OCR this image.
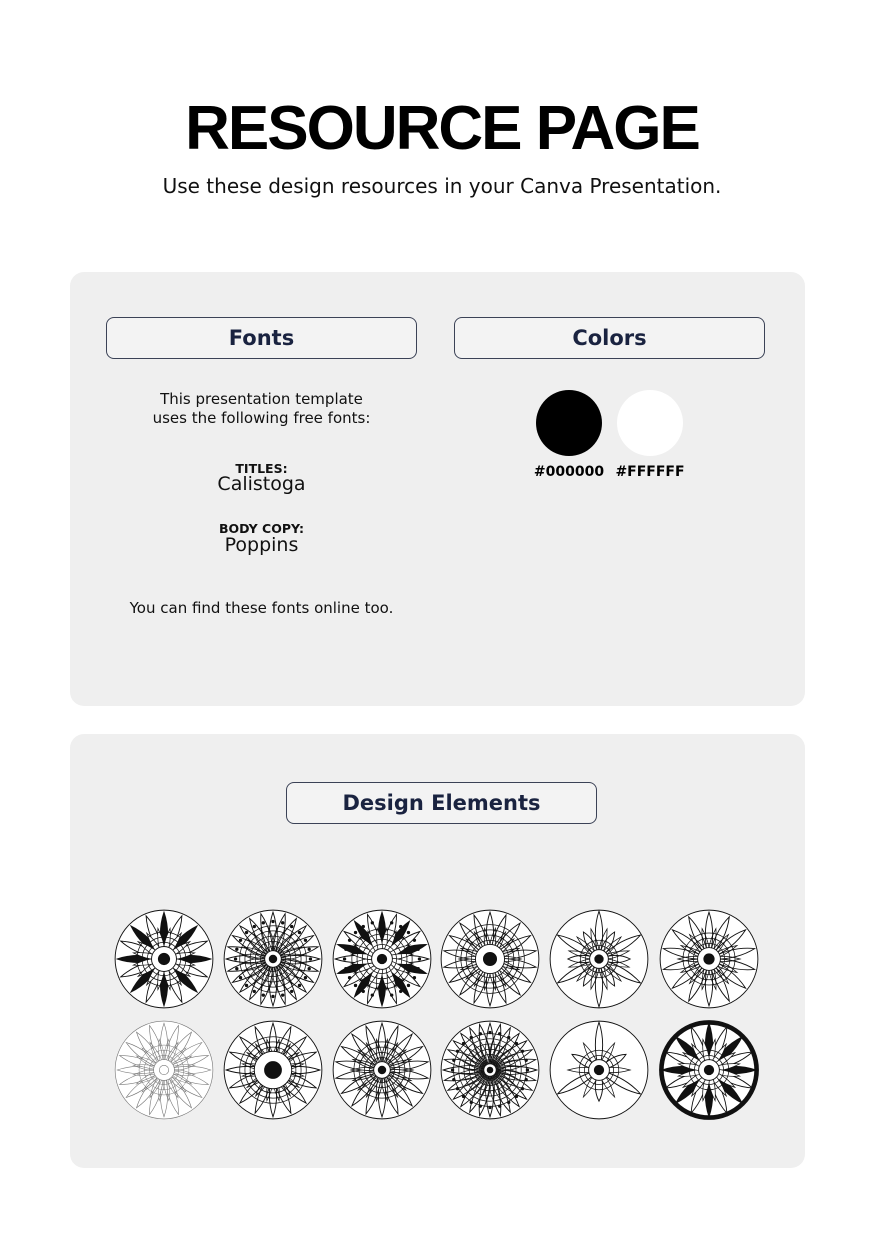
RESOURCE PAGE
Use these design resources in your Canva Presentation.
Fonts	Colors
This presentation template
uses the following free fonts:
TITLES:
Calistoga
BODY COPY:
Poppins
You can find these fonts online too.
#000000 #FFFFFF
Design Elements
